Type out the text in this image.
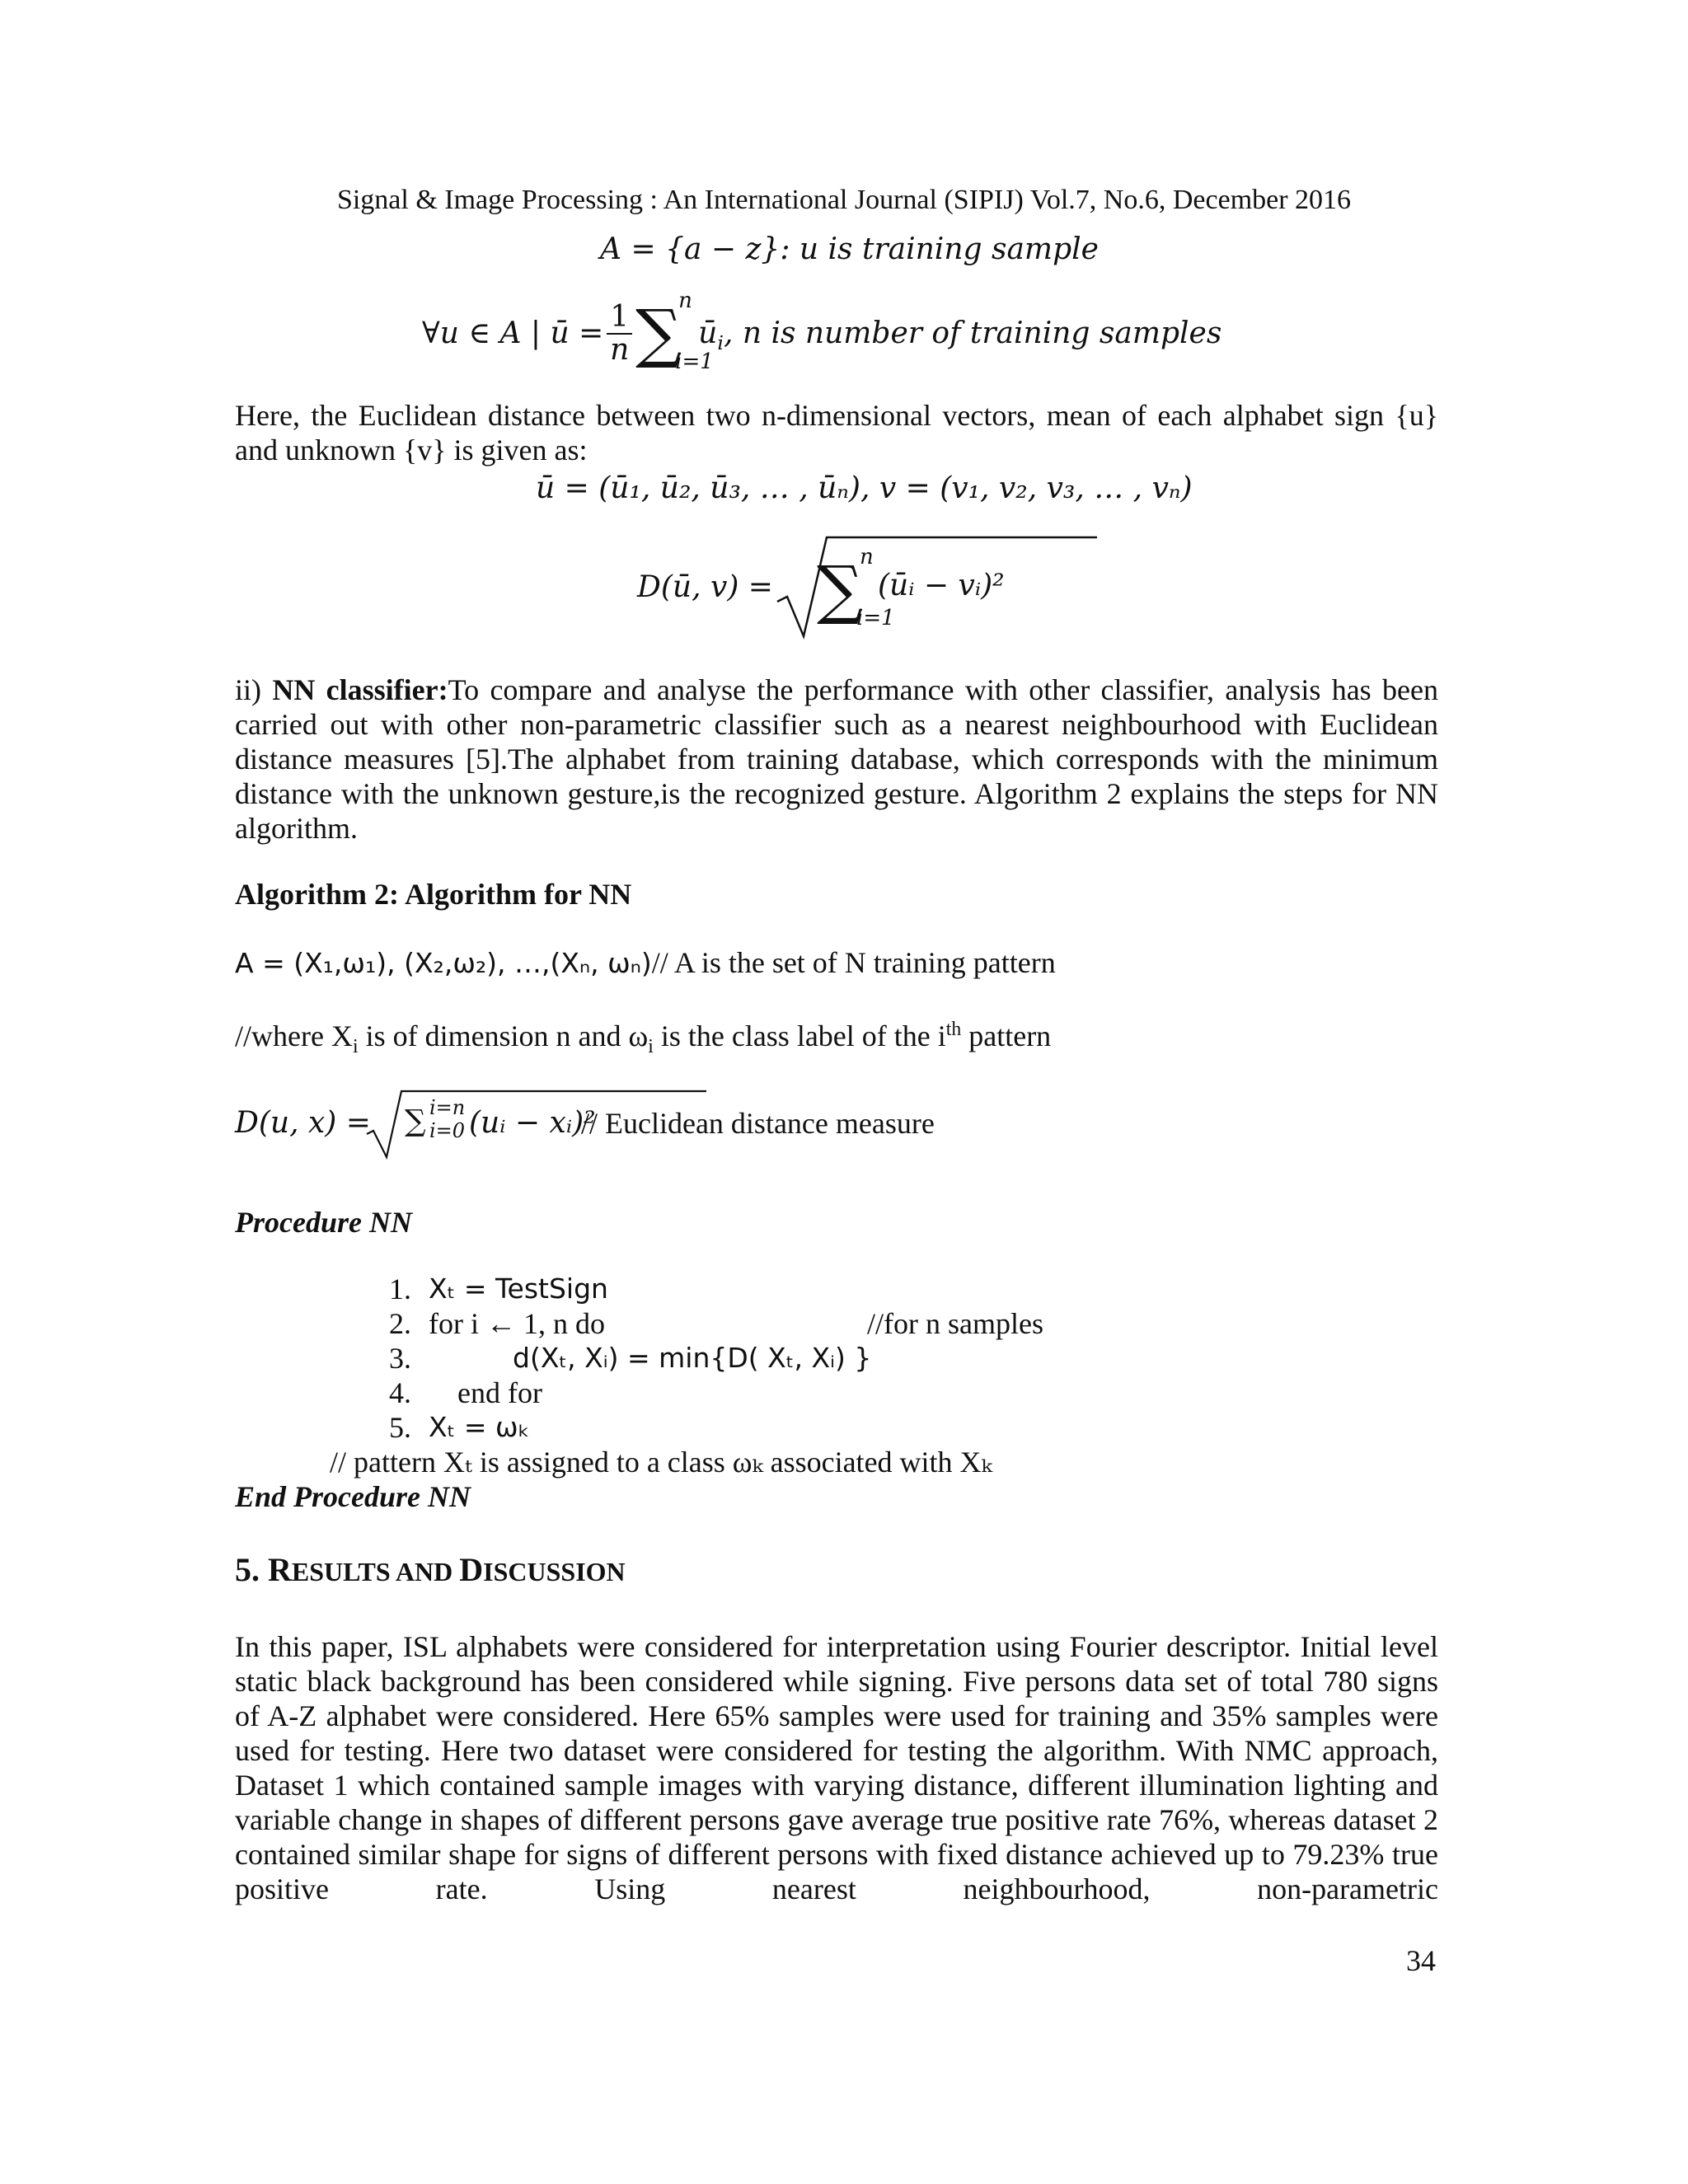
Signal & Image Processing : An International Journal (SIPIJ) Vol.7, No.6, December 2016
A = {a − z}: u is training sample
∀u ∈ A | ū = $\frac{1}{n}$ ∑
n
i=1
$ū_i$ , n is number of training samples
Here, the Euclidean distance between two n-dimensional vectors, mean of each alphabet sign {u} and unknown {v} is given as:
ū = (ū₁, ū₂, ū₃, … , ūₙ), v = (v₁, v₂, v₃, … , vₙ)
D(ū, v) = ∑
n
i=1
(ūᵢ − vᵢ)²
ii) NN classifier:To compare and analyse the performance with other classifier, analysis has been carried out with other non-parametric classifier such as a nearest neighbourhood with Euclidean distance measures [5].The alphabet from training database, which corresponds with the minimum distance with the unknown gesture,is the recognized gesture. Algorithm 2 explains the steps for NN algorithm.
Algorithm 2: Algorithm for NN
A = (X₁,ω₁), (X₂,ω₂), …,(Xₙ, ωₙ)// A is the set of N training pattern
//where $X_i$ is of dimension n and $\omega_i$ is the class label of the $i^{th}$ pattern
D(u, x) = ∑ i=n
i=0 (uᵢ − xᵢ)²
// Euclidean distance measure
Procedure NN
1. Xₜ = TestSign
2. for i ← 1, n do	//for n samples
3.	d(Xₜ, Xᵢ) = min{D( Xₜ, Xᵢ) }
4. end for
5. Xₜ = ωₖ
// pattern Xₜ is assigned to a class ωₖ associated with Xₖ
End Procedure NN
5. RESULTS AND DISCUSSION
In this paper, ISL alphabets were considered for interpretation using Fourier descriptor. Initial level static black background has been considered while signing. Five persons data set of total 780 signs of A-Z alphabet were considered. Here 65% samples were used for training and 35% samples were used for testing. Here two dataset were considered for testing the algorithm. With NMC approach, Dataset 1 which contained sample images with varying distance, different illumination lighting and variable change in shapes of different persons gave average true positive rate 76%, whereas dataset 2 contained similar shape for signs of different persons with fixed distance achieved up to 79.23% true positive rate. Using nearest neighbourhood, non-parametric
34
